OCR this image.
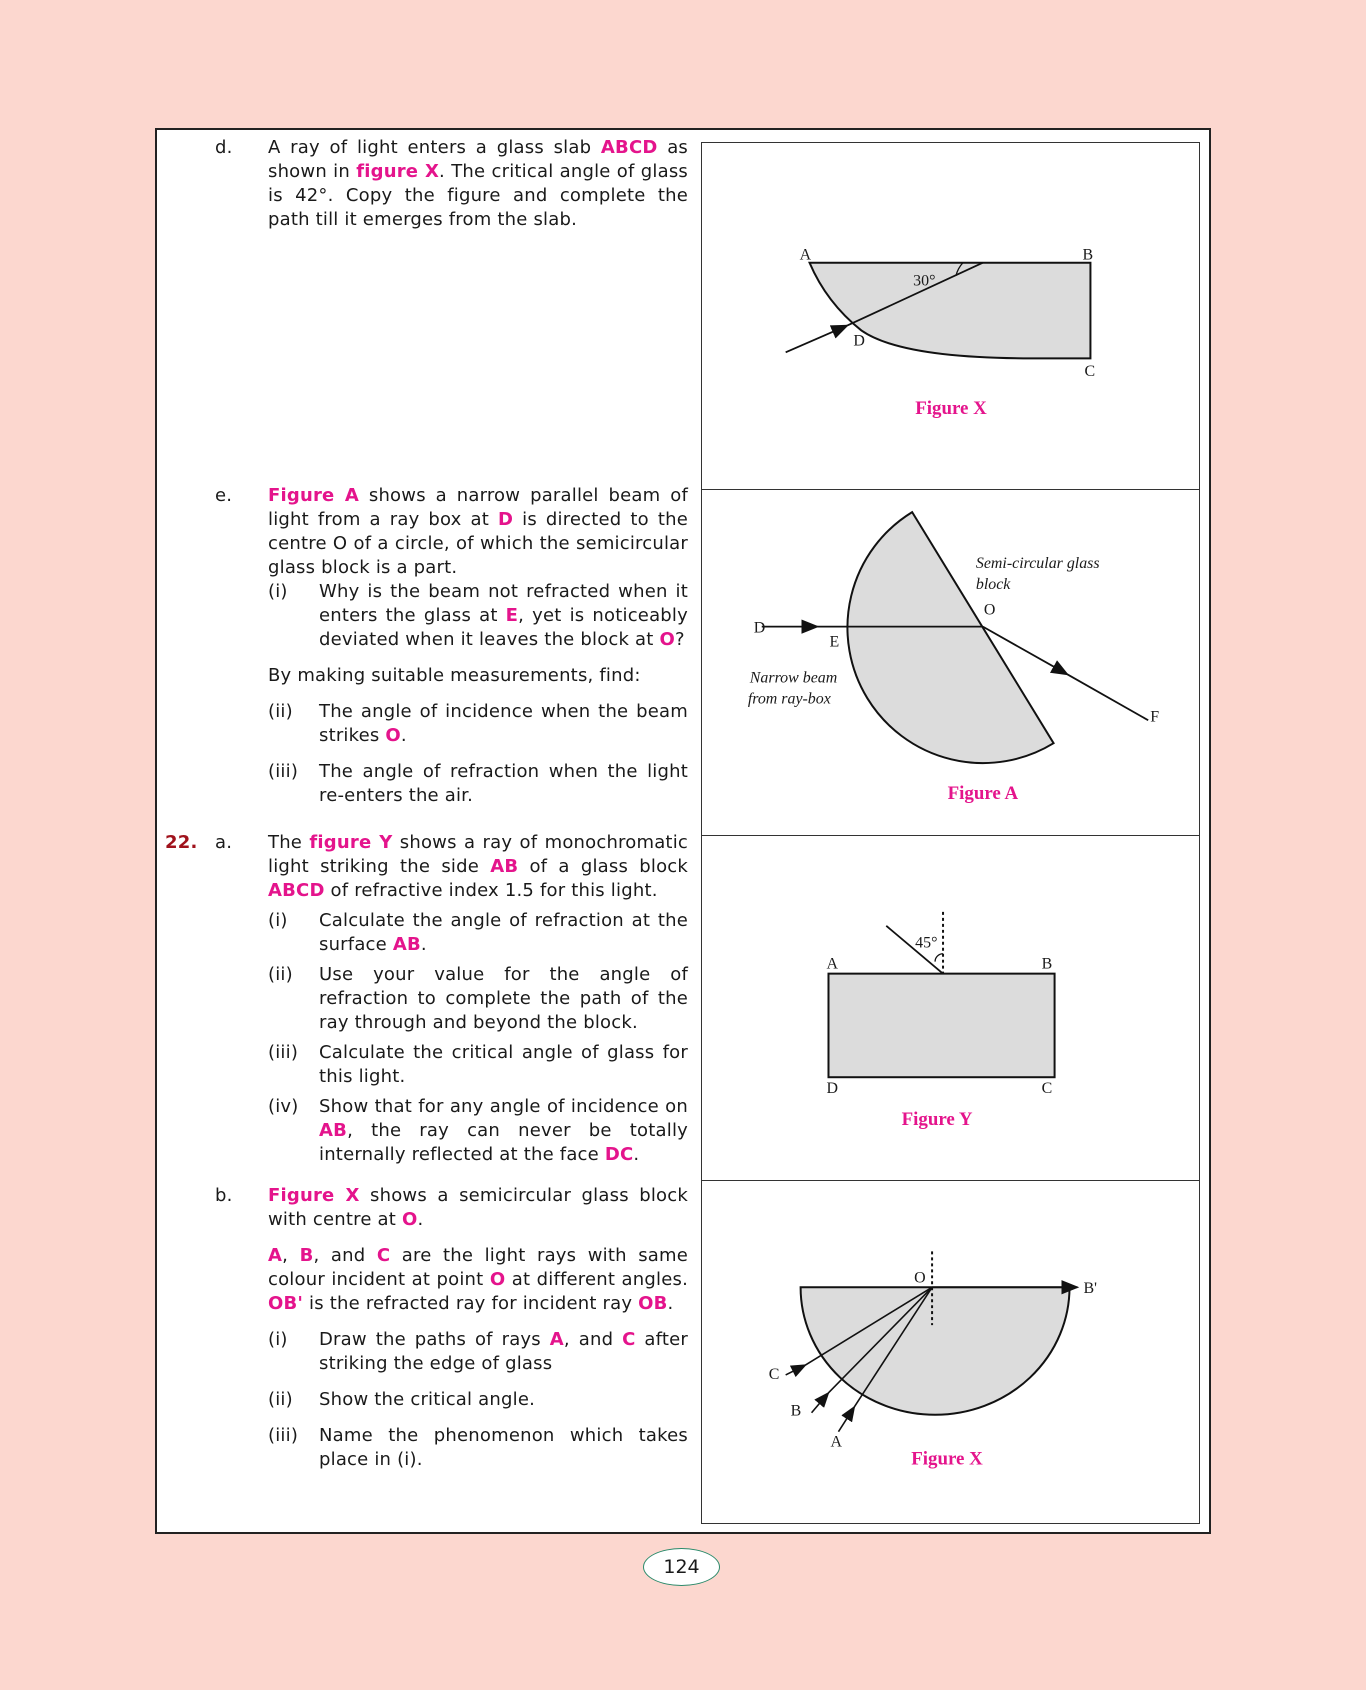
d. A ray of light enters a glass slab ABCD as shown in figure X. The critical angle of glass is 42°. Copy the figure and complete the path till it emerges from the slab.
e. Figure A shows a narrow parallel beam of light from a ray box at D is directed to the centre O of a circle, of which the semicircular glass block is a part.
(i)	Why is the beam not refracted when it enters the glass at E, yet is noticeably deviated when it leaves the block at O?
By making suitable measurements, find:
(ii)	The angle of incidence when the beam strikes O.
(iii)	The angle of refraction when the light re-enters the air.
22. a. The figure Y shows a ray of monochromatic light striking the side AB of a glass block ABCD of refractive index 1.5 for this light.
(i)	Calculate the angle of refraction at the surface AB.
(ii)	Use your value for the angle of refraction to complete the path of the ray through and beyond the block.
(iii)	Calculate the critical angle of glass for this light.
(iv)	Show that for any angle of incidence on AB, the ray can never be totally internally reflected at the face DC.
b. Figure X shows a semicircular glass block with centre at O.
A, B, and C are the light rays with same colour incident at point O at different angles. OB' is the refracted ray for incident ray OB.
(i)	Draw the paths of rays A, and C after striking the edge of glass
(ii)	Show the critical angle.
(iii)	Name the phenomenon which takes place in (i).
A	B
C
D
30°
Figure X
D
E
O
F
Semi-circular glass
block
Narrow beam
from ray-box
Figure A
45°
A	B
D	C
Figure Y
O
B'
C
B
A
Figure X
124
